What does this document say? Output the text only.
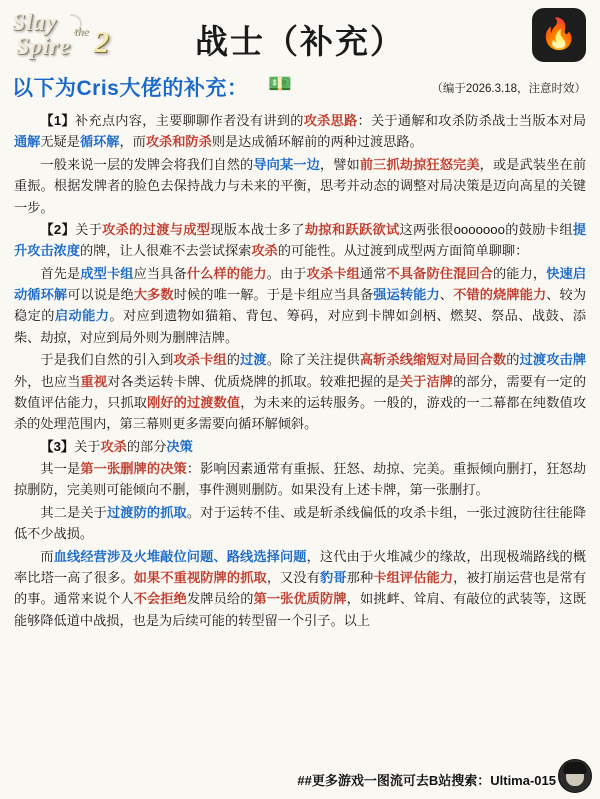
Slay the
Spire 2	战士（补充）	🔥
以下为Cris大佬的补充： 💵	（编于2026.3.18，注意时效）
【1】补充点内容，主要聊聊作者没有讲到的攻杀思路：关于通解和攻杀防杀战士当版本对局通解无疑是循环解，而攻杀和防杀则是达成循环解前的两种过渡思路。
一般来说一层的发牌会将我们自然的导向某一边，譬如前三抓劫掠狂怒完美，或是武装坐在前重振。根据发牌者的脸色去保持战力与未来的平衡，思考并动态的调整对局决策是迈向高星的关键一步。
【2】关于攻杀的过渡与成型现版本战士多了劫掠和跃跃欲试这两张很ooooooo的鼓励卡组提升攻击浓度的牌，让人很难不去尝试探索攻杀的可能性。从过渡到成型两方面简单聊聊：
首先是成型卡组应当具备什么样的能力。由于攻杀卡组通常不具备防住混回合的能力，快速启动循环解可以说是绝大多数时候的唯一解。于是卡组应当具备强运转能力、不错的烧牌能力、较为稳定的启动能力。对应到遗物如猫箱、背包、筹码，对应到卡牌如剑柄、燃契、祭品、战鼓、添柴、劫掠，对应到局外则为删牌洁牌。
于是我们自然的引入到攻杀卡组的过渡。除了关注提供高斩杀线缩短对局回合数的过渡攻击牌外，也应当重视对各类运转卡牌、优质烧牌的抓取。较难把握的是关于洁牌的部分，需要有一定的数值评估能力，只抓取刚好的过渡数值，为未来的运转服务。一般的，游戏的一二幕都在纯数值攻杀的处理范围内，第三幕则更多需要向循环解倾斜。
【3】关于攻杀的部分决策
其一是第一张删牌的决策：影响因素通常有重振、狂怒、劫掠、完美。重振倾向删打，狂怒劫掠删防，完美则可能倾向不删，事件测则删防。如果没有上述卡牌，第一张删打。
其二是关于过渡防的抓取。对于运转不佳、或是斩杀线偏低的攻杀卡组，一张过渡防往往能降低不少战损。
而血线经营涉及火堆敲位问题、路线选择问题，这代由于火堆减少的缘故，出现极端路线的概率比塔一高了很多。如果不重视防牌的抓取，又没有豹哥那种卡组评估能力，被打崩运营也是常有的事。通常来说个人不会拒绝发牌员给的第一张优质防牌，如挑衅、耸肩、有敲位的武装等，这既能够降低道中战损，也是为后续可能的转型留一个引子。以上
##更多游戏一图流可去B站搜索：Ultima-015
